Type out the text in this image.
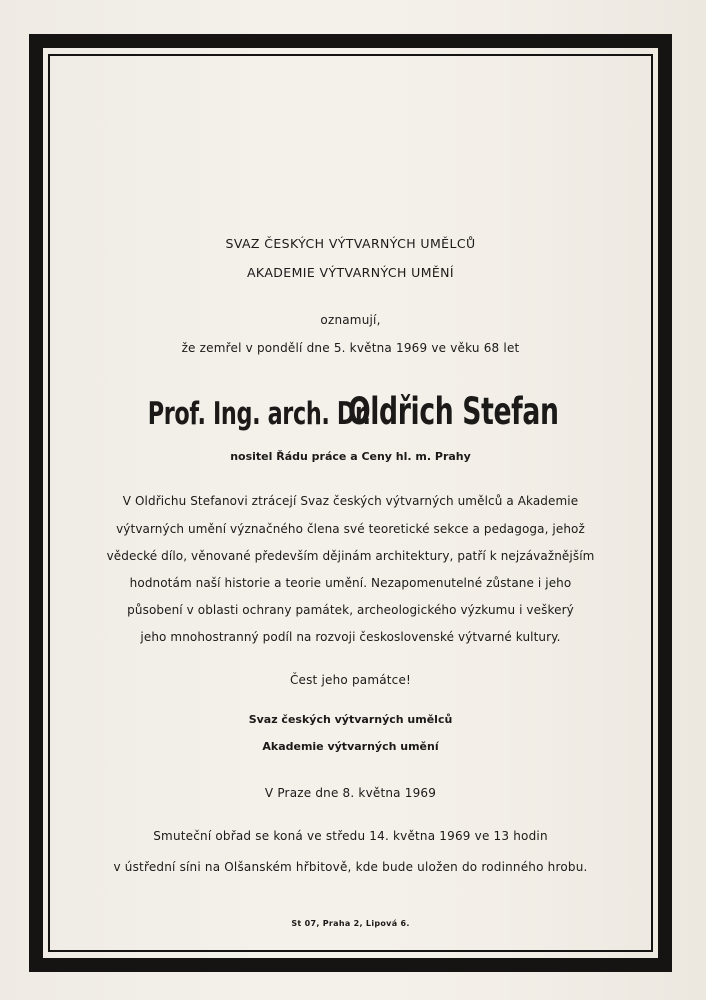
SVAZ ČESKÝCH VÝTVARNÝCH UMĚLCŮ

AKADEMIE VÝTVARNÝCH UMĚNÍ

oznamují,

že zemřel v pondělí dne 5. května 1969 ve věku 68 let

Prof. Ing. arch. Dr. Oldřich Stefan

nositel Řádu práce a Ceny hl. m. Prahy

V Oldřichu Stefanovi ztrácejí Svaz českých výtvarných umělců a Akademie

výtvarných umění význačného člena své teoretické sekce a pedagoga, jehož

vědecké dílo, věnované především dějinám architektury, patří k nejzávažnějším

hodnotám naší historie a teorie umění. Nezapomenutelné zůstane i jeho

působení v oblasti ochrany památek, archeologického výzkumu i veškerý

jeho mnohostranný podíl na rozvoji československé výtvarné kultury.

Čest jeho památce!

Svaz českých výtvarných umělců

Akademie výtvarných umění

V Praze dne 8. května 1969

Smuteční obřad se koná ve středu 14. května 1969 ve 13 hodin

v ústřední síni na Olšanském hřbitově, kde bude uložen do rodinného hrobu.

St 07, Praha 2, Lipová 6.
